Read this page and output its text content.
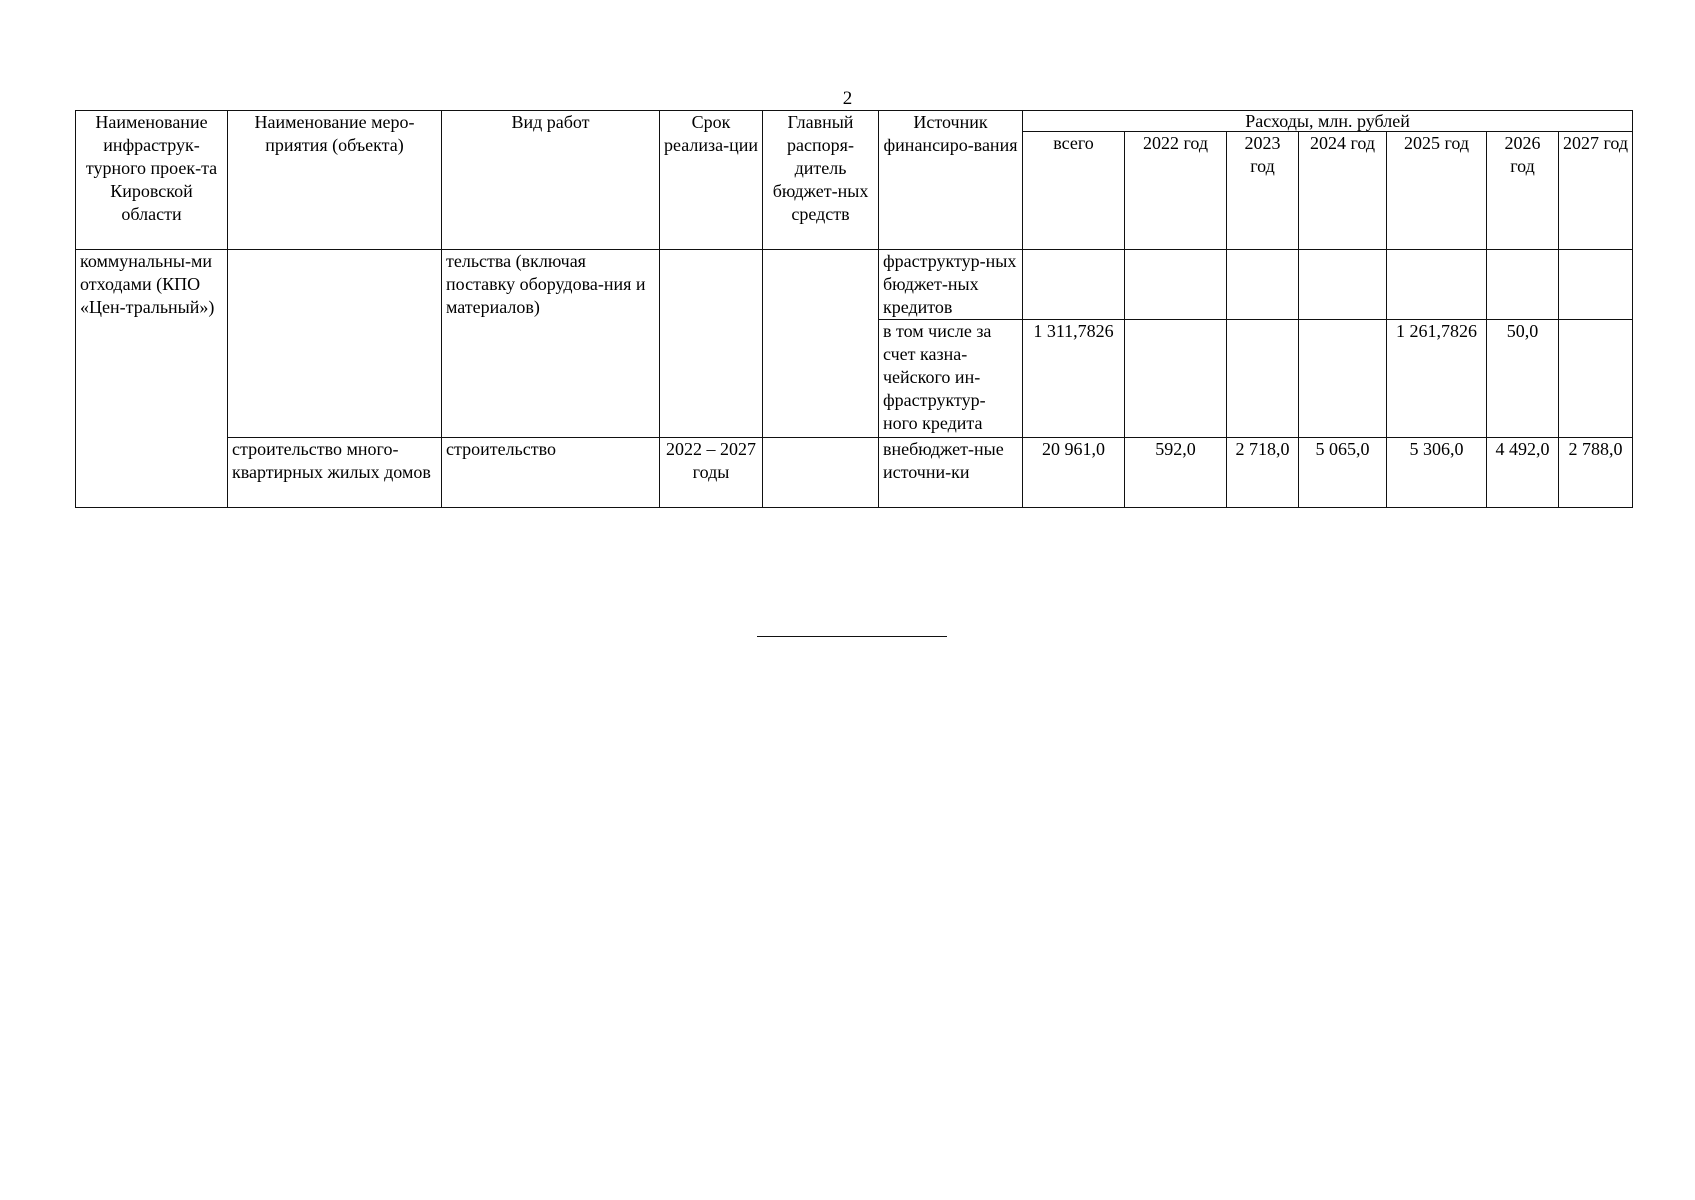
2
Наименование инфраструк-турного проек-та Кировской области	Наименование меро-приятия (объекта)	Вид работ	Срок реализа-ции	Главный распоря-дитель бюджет-ных средств	Источник финансиро-вания	Расходы, млн. рублей						
						всего	2022 год	2023 год	2024 год	2025 год	2026 год	2027 год
коммунальны-ми отходами (КПО «Цен-тральный»)		тельства (включая поставку оборудова-ния и материалов)			фраструктур-ных бюджет-ных кредитов							
					в том числе за счет казна-чейского ин-фраструктур-ного кредита	1 311,7826				1 261,7826	50,0	
	строительство много-квартирных жилых домов	строительство	2022 – 2027 годы		внебюджет-ные источни-ки	20 961,0	592,0	2 718,0	5 065,0	5 306,0	4 492,0	2 788,0
